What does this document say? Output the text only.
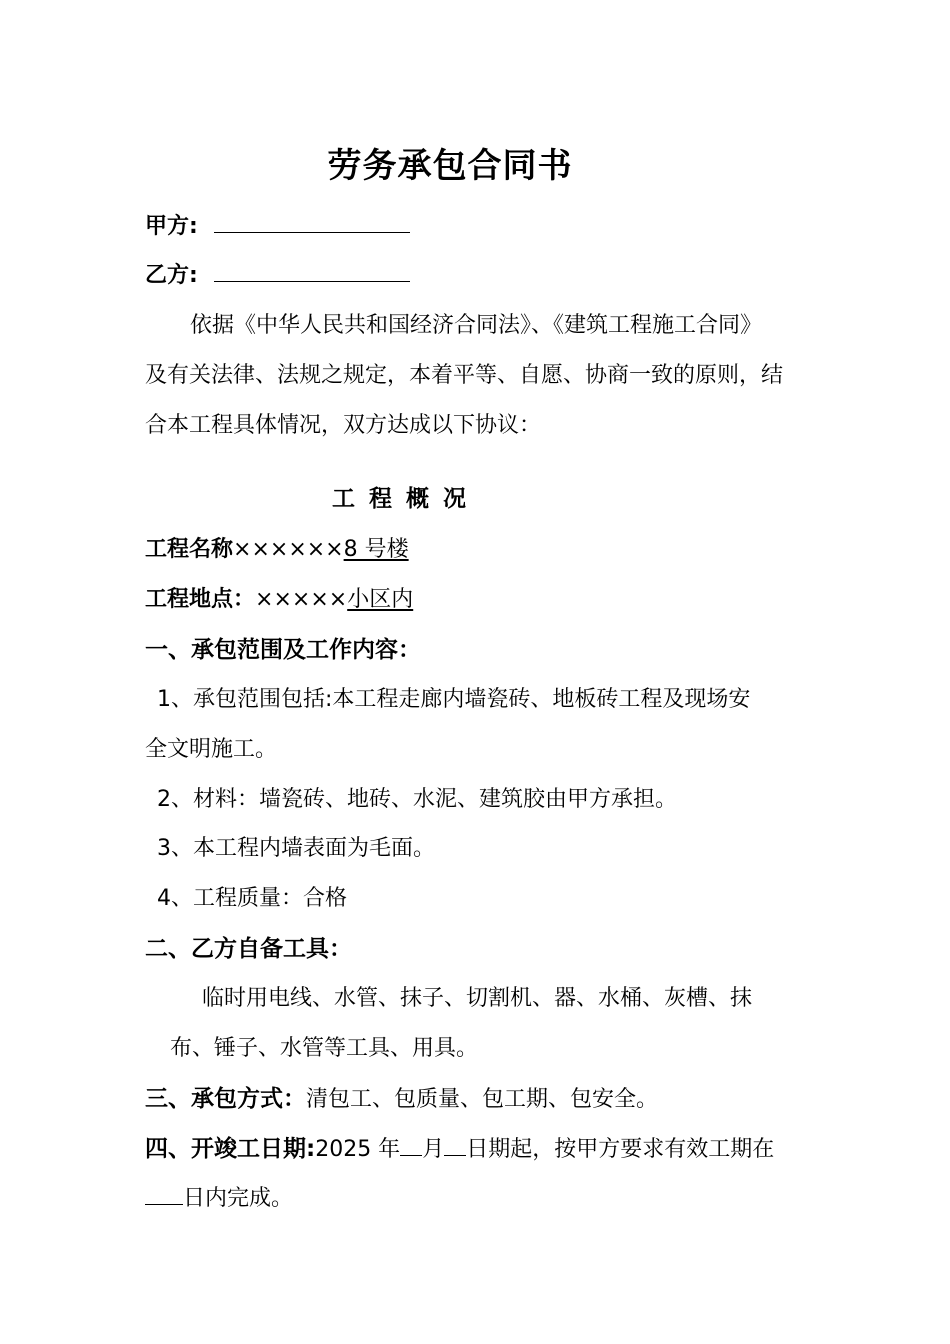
劳务承包合同书
甲方:
乙方:
依据《中华人民共和国经济合同法》、《建筑工程施工合同》
及有关法律、法规之规定，本着平等、自愿、协商一致的原则，结
合本工程具体情况，双方达成以下协议：
工程概况
工程名称××××××8 号楼
工程地点：×××××小区内
一、承包范围及工作内容：
1、承包范围包括:本工程走廊内墙瓷砖、地板砖工程及现场安
全文明施工。
2、材料：墙瓷砖、地砖、水泥、建筑胶由甲方承担。
3、本工程内墙表面为毛面。
4、工程质量：合格
二、乙方自备工具：
临时用电线、水管、抹子、切割机、器、水桶、灰槽、抹
布、锤子、水管等工具、用具。
三、承包方式：清包工、包质量、包工期、包安全。
四、开竣工日期:2025 年 月 日期起，按甲方要求有效工期在
日内完成。
